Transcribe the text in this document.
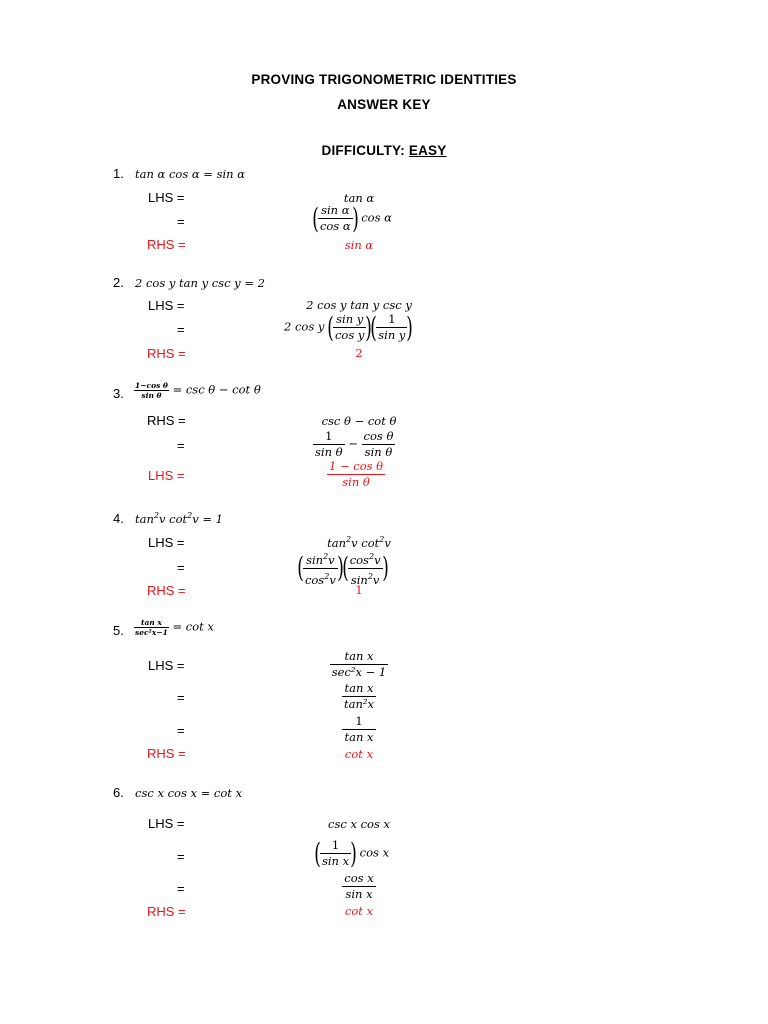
PROVING TRIGONOMETRIC IDENTITIES
ANSWER KEY
DIFFICULTY: EASY
1. tan α cos α = sin α
LHS =
=
RHS =
tan α
( $\frac{\text{sin α}}{\text{cos α}}$ ) cos α
sin α
2. 2 cos y tan y csc y = 2
LHS =
=
RHS =
2 cos y tan y csc y
2 cos y ( $\frac{\text{sin y}}{\text{cos y}}$ )( $\frac{1}{\text{sin y}}$ )
2
3. $\frac{\text{1−cos θ}}{\text{sin θ}} = \csc \theta - \cot \theta$
RHS =
=
LHS =
csc θ − cot θ
$\frac{1}{\text{sin θ}} - \frac{\text{cos θ}}{\text{sin θ}}$
$\frac{\text{1 − cos θ}}{\text{sin θ}}$
4. $\tan^2v$ $\cot^2v = 1$
LHS =
=
RHS =
$\tan^2v$ $\cot^2v$
( $\frac{\sin^2v}{\cos^2v}$ )( $\frac{\cos^2v}{\sin^2v}$ )
1
5.
tan x
sec²x−1 = cot x
LHS =
=
=
RHS =
$\frac{\text{tan x}}{\text{sec²x − 1}}$
$\frac{\text{tan x}}{\text{tan²x}}$
$\frac{1}{\text{tan x}}$
cot x
6. csc x cos x = cot x
LHS =
=
=
RHS =
csc x cos x
( $\frac{1}{\text{sin x}}$ ) cos x
$\frac{\text{cos x}}{\text{sin x}}$
cot x
